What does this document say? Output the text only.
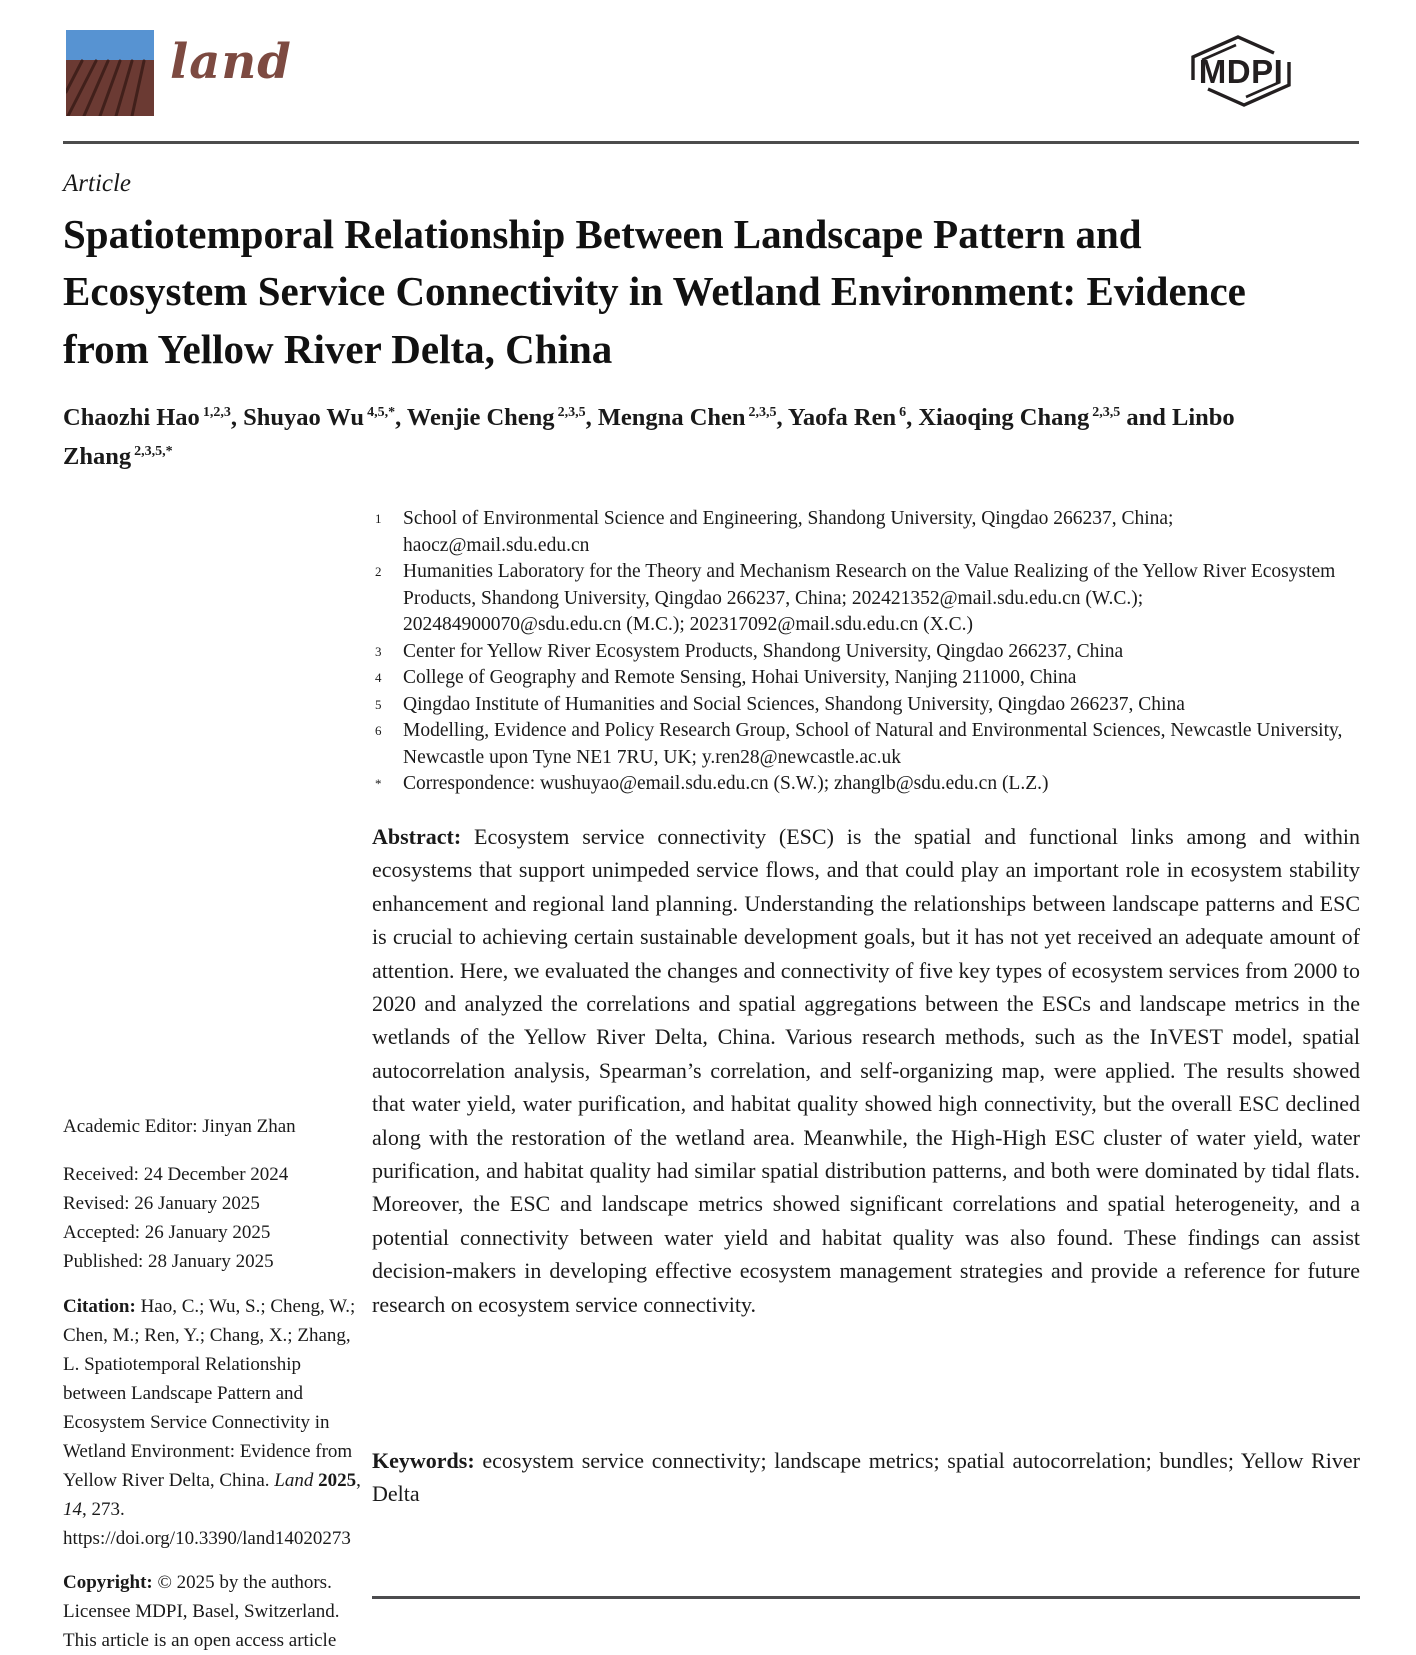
land	MDPI
Article
Spatiotemporal Relationship Between Landscape Pattern and Ecosystem Service Connectivity in Wetland Environment: Evidence from Yellow River Delta, China
Chaozhi Hao $^{1,2,3}$, Shuyao Wu $^{4,5,*}$, Wenjie Cheng $^{2,3,5}$, Mengna Chen $^{2,3,5}$, Yaofa Ren $^6$, Xiaoqing Chang $^{2,3,5}$ and Linbo Zhang $^{2,3,5,*}$
1 School of Environmental Science and Engineering, Shandong University, Qingdao 266237, China; haocz@mail.sdu.edu.cn
2 Humanities Laboratory for the Theory and Mechanism Research on the Value Realizing of the Yellow River Ecosystem Products, Shandong University, Qingdao 266237, China; 202421352@mail.sdu.edu.cn (W.C.); 202484900070@sdu.edu.cn (M.C.); 202317092@mail.sdu.edu.cn (X.C.)
3 Center for Yellow River Ecosystem Products, Shandong University, Qingdao 266237, China
4 College of Geography and Remote Sensing, Hohai University, Nanjing 211000, China
5 Qingdao Institute of Humanities and Social Sciences, Shandong University, Qingdao 266237, China
6 Modelling, Evidence and Policy Research Group, School of Natural and Environmental Sciences, Newcastle University, Newcastle upon Tyne NE1 7RU, UK; y.ren28@newcastle.ac.uk
* Correspondence: wushuyao@email.sdu.edu.cn (S.W.); zhanglb@sdu.edu.cn (L.Z.)

Abstract: Ecosystem service connectivity (ESC) is the spatial and functional links among and within ecosystems that support unimpeded service flows, and that could play an important role in ecosystem stability enhancement and regional land planning. Understanding the relationships between landscape patterns and ESC is crucial to achieving certain sustainable development goals, but it has not yet received an adequate amount of attention. Here, we evaluated the changes and connectivity of five key types of ecosystem services from 2000 to 2020 and analyzed the correlations and spatial aggregations between the ESCs and landscape metrics in the wetlands of the Yellow River Delta, China. Various research methods, such as the InVEST model, spatial autocorrelation analysis, Spearman’s correlation, and self-organizing map, were applied. The results showed that water yield, water purification, and habitat quality showed high connectivity, but the overall ESC declined along with the restoration of the wetland area. Meanwhile, the High-High ESC cluster of water yield, water purification, and habitat quality had similar spatial distribution patterns, and both were dominated by tidal flats. Moreover, the ESC and landscape metrics showed significant correlations and spatial heterogeneity, and a potential connectivity between water yield and habitat quality was also found. These findings can assist decision-makers in developing effective ecosystem management strategies and provide a reference for future research on ecosystem service connectivity.

Keywords: ecosystem service connectivity; landscape metrics; spatial autocorrelation; bundles; Yellow River Delta

Academic Editor: Jinyan Zhan
Received: 24 December 2024
Revised: 26 January 2025
Accepted: 26 January 2025
Published: 28 January 2025

Citation: Hao, C.; Wu, S.; Cheng, W.; Chen, M.; Ren, Y.; Chang, X.; Zhang, L. Spatiotemporal Relationship between Landscape Pattern and Ecosystem Service Connectivity in Wetland Environment: Evidence from Yellow River Delta, China. Land 2025, 14, 273. https://doi.org/10.3390/land14020273

Copyright: © 2025 by the authors. Licensee MDPI, Basel, Switzerland. This article is an open access article
